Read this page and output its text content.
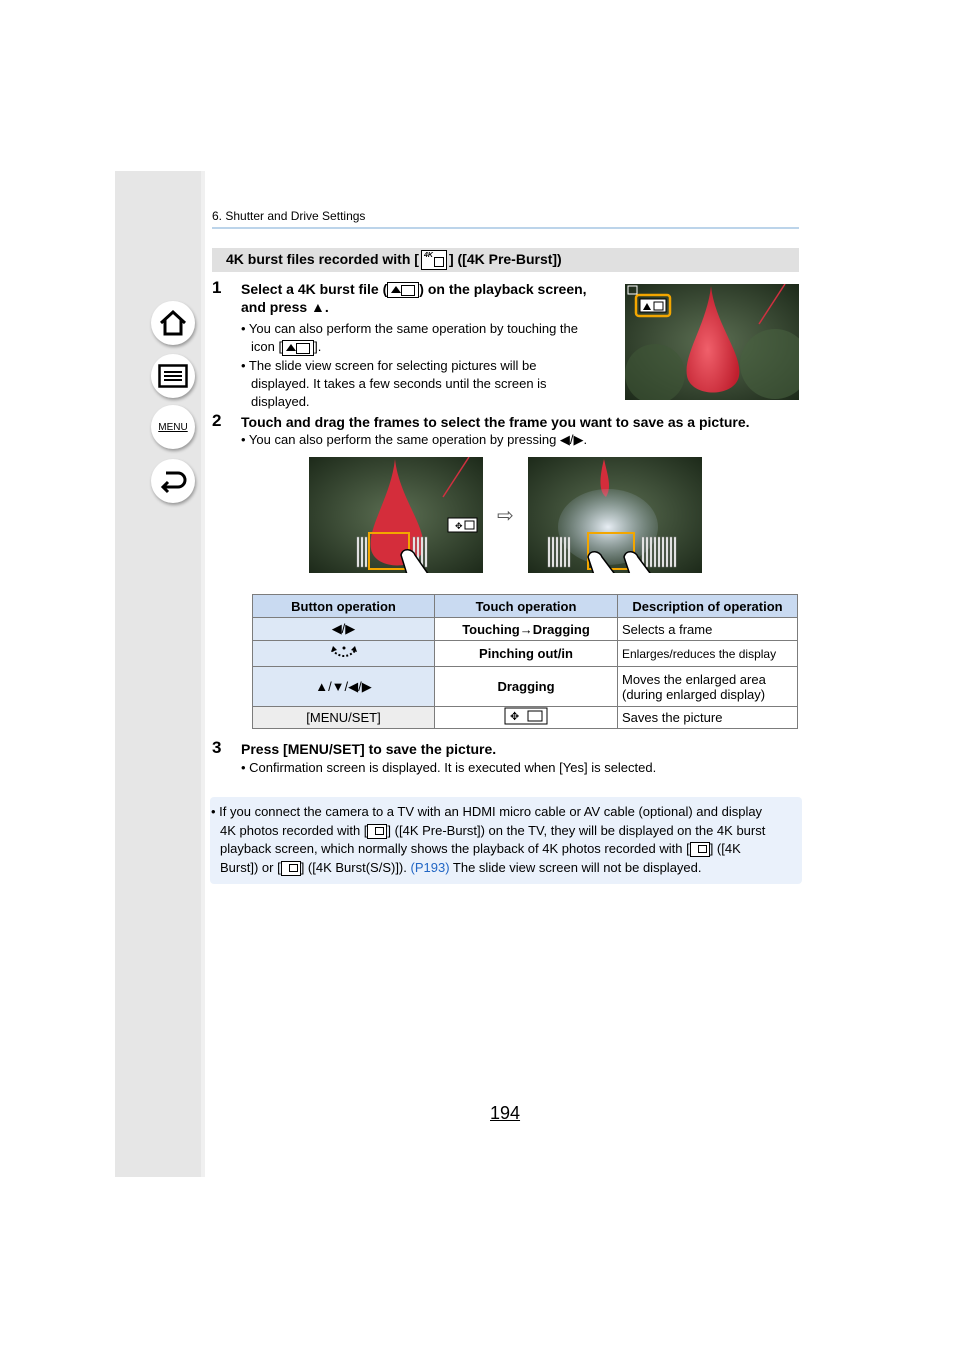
MENU
6. Shutter and Drive Settings
4K burst files recorded with [ 4K ] ([4K Pre-Burst])
1 Select a 4K burst file ( ) on the playback screen,
and press ▲.
• You can also perform the same operation by touching the
icon [ ].
• The slide view screen for selecting pictures will be
displayed. It takes a few seconds until the screen is
displayed.
2 Touch and drag the frames to select the frame you want to save as a picture.
• You can also perform the same operation by pressing ◀/▶.
✥ ⇨
Button operation	Touch operation	Description of operation
◀/▶	Touching→Dragging	Selects a frame
	Pinching out/in	Enlarges/reduces the display
▲/▼/◀/▶	Dragging	Moves the enlarged area
(during enlarged display)
[MENU/SET]	✥	Saves the picture
3 Press [MENU/SET] to save the picture.
• Confirmation screen is displayed. It is executed when [Yes] is selected.
• If you connect the camera to a TV with an HDMI micro cable or AV cable (optional) and display
4K photos recorded with [ ] ([4K Pre-Burst]) on the TV, they will be displayed on the 4K burst
playback screen, which normally shows the playback of 4K photos recorded with [ ] ([4K
Burst]) or [ ] ([4K Burst(S/S)]). (P193) The slide view screen will not be displayed.
194
